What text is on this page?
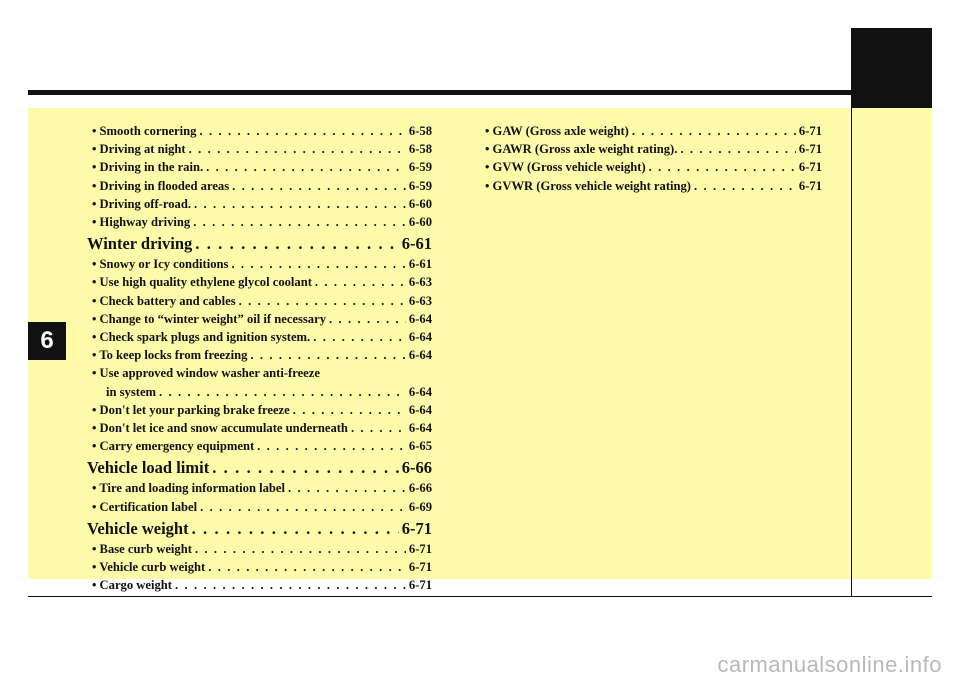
6
• Smooth cornering . . .	6-58
• Driving at night . . .	6-58
• Driving in the rain. . . .	6-59
• Driving in flooded areas . . .	6-59
• Driving off-road. . . .	6-60
• Highway driving . . .	6-60
Winter driving . . .	6-61
• Snowy or Icy conditions . . .	6-61
• Use high quality ethylene glycol coolant . . .	6-63
• Check battery and cables . . .	6-63
• Change to “winter weight” oil if necessary . . .	6-64
• Check spark plugs and ignition system. . . .	6-64
• To keep locks from freezing . . .	6-64
• Use approved window washer anti-freeze
in system . . .	6-64
• Don't let your parking brake freeze . . .	6-64
• Don't let ice and snow accumulate underneath . . .	6-64
• Carry emergency equipment . . .	6-65
Vehicle load limit . . .	6-66
• Tire and loading information label . . .	6-66
• Certification label . . .	6-69
Vehicle weight . . .	6-71
• Base curb weight . . .	6-71
• Vehicle curb weight . . .	6-71
• Cargo weight . . .	6-71
• GAW (Gross axle weight) . . .	6-71
• GAWR (Gross axle weight rating). . . .	6-71
• GVW (Gross vehicle weight) . . .	6-71
• GVWR (Gross vehicle weight rating) . . .	6-71
carmanualsonline.info
